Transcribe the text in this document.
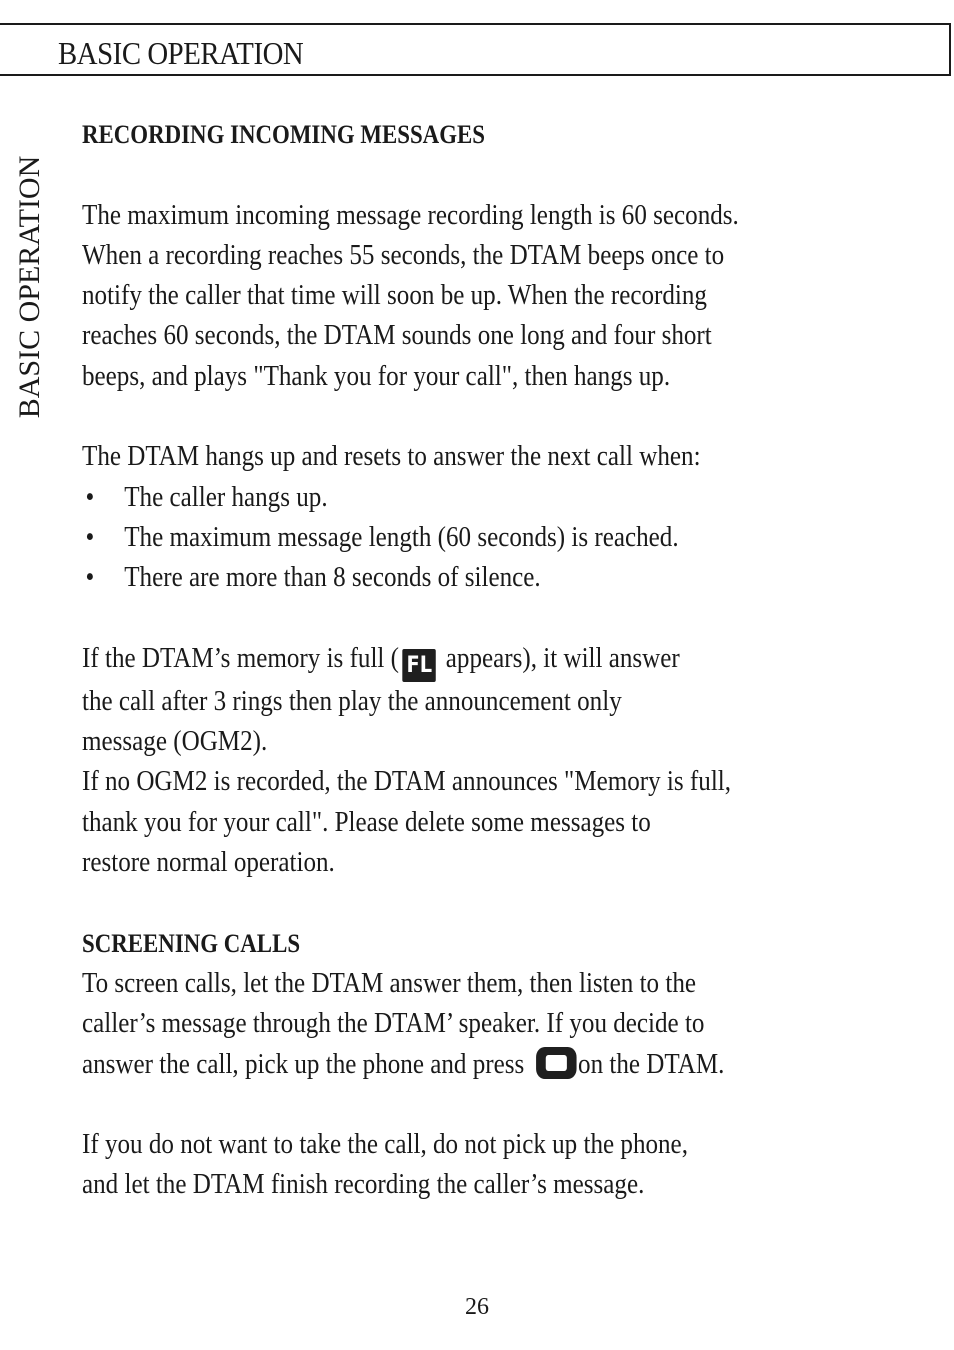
BASIC OPERATION
BASIC OPERATION

RECORDING INCOMING MESSAGES

The maximum incoming message recording length is 60 seconds.

When a recording reaches 55 seconds, the DTAM beeps once to

notify the caller that time will soon be up. When the recording

reaches 60 seconds, the DTAM sounds one long and four short

beeps, and plays "Thank you for your call", then hangs up.

The DTAM hangs up and resets to answer the next call when:

•	The caller hangs up.

•	The maximum message length (60 seconds) is reached.

•	There are more than 8 seconds of silence.

If the DTAM’s memory is full ( FL appears), it will answer

the call after 3 rings then play the announcement only

message (OGM2).

If no OGM2 is recorded, the DTAM announces "Memory is full,

thank you for your call". Please delete some messages to

restore normal operation.

SCREENING CALLS

To screen calls, let the DTAM answer them, then listen to the

caller’s message through the DTAM’ speaker. If you decide to

answer the call, pick up the phone and press on the DTAM.

If you do not want to take the call, do not pick up the phone,

and let the DTAM finish recording the caller’s message.

26
